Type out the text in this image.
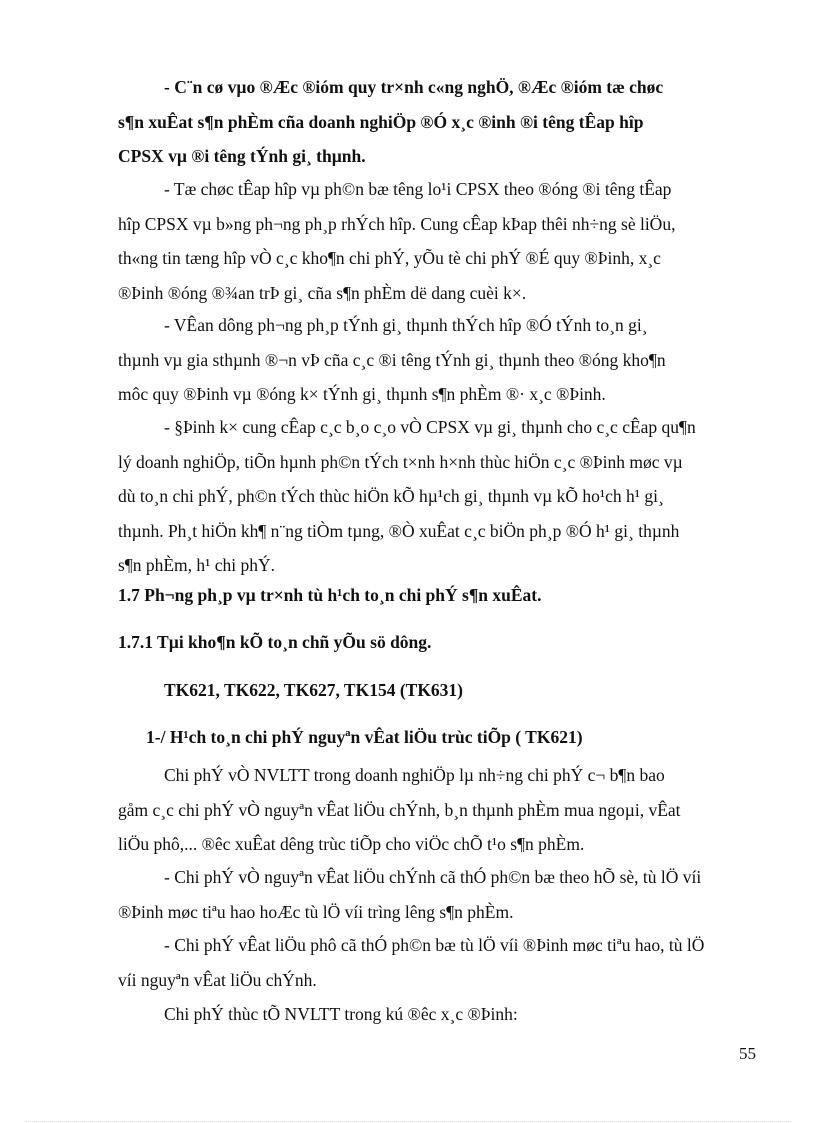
- C¨n cø vµo ®Æc ®ióm quy tr×nh c«ng nghÖ, ®Æc ®ióm tæ chøc
s¶n xuÊat s¶n phÈm cña doanh nghiÖp ®Ó x¸c ®inh ®i têng tÊap hîp
CPSX vµ ®i têng tÝnh gi¸ thµnh.

- Tæ chøc tÊap hîp vµ ph©n bæ têng lo¹i CPSX theo ®óng ®i têng tÊap
hîp CPSX vµ b»ng ph¬ng ph¸p rhÝch hîp. Cung cÊap kÞap thêi nh÷ng sè liÖu,
th«ng tin tæng hîp vÒ c¸c kho¶n chi phÝ, yÕu tè chi phÝ ®É quy ®Þinh, x¸c
®Þinh ®óng ®¾an trÞ gi¸ cña s¶n phÈm dë dang cuèi k×.

- VÊan dông ph¬ng ph¸p tÝnh gi¸ thµnh thÝch hîp ®Ó tÝnh to¸n gi¸
thµnh vµ gia sthµnh ®¬n vÞ cña c¸c ®i têng tÝnh gi¸ thµnh theo ®óng kho¶n
môc quy ®Þinh vµ ®óng k× tÝnh gi¸ thµnh s¶n phÈm ®· x¸c ®Þinh.

- §Þinh k× cung cÊap c¸c b¸o c¸o vÒ CPSX vµ gi¸ thµnh cho c¸c cÊap qu¶n
lý doanh nghiÖp, tiÕn hµnh ph©n tÝch t×nh h×nh thùc hiÖn c¸c ®Þinh møc vµ
dù to¸n chi phÝ, ph©n tÝch thùc hiÖn kÕ hµ¹ch gi¸ thµnh vµ kÕ ho¹ch h¹ gi¸
thµnh. Ph¸t hiÖn kh¶ n¨ng tiÒm tµng, ®Ò xuÊat c¸c biÖn ph¸p ®Ó h¹ gi¸ thµnh
s¶n phÈm, h¹ chi phÝ.

1.7 Ph¬ng ph¸p vµ tr×nh tù h¹ch to¸n chi phÝ s¶n xuÊat.

1.7.1 Tµi kho¶n kÕ to¸n chñ yÕu sö dông.

TK621, TK622, TK627, TK154 (TK631)

1-/ H¹ch to¸n chi phÝ nguyªn vÊat liÖu trùc tiÕp ( TK621)

Chi phÝ vÒ NVLTT trong doanh nghiÖp lµ nh÷ng chi phÝ c¬ b¶n bao
gåm c¸c chi phÝ vÒ nguyªn vÊat liÖu chÝnh, b¸n thµnh phÈm mua ngoµi, vÊat
liÖu phô,... ®êc xuÊat dêng trùc tiÕp cho viÖc chÕ t¹o s¶n phÈm.

- Chi phÝ vÒ nguyªn vÊat liÖu chÝnh cã thÓ ph©n bæ theo hÕ sè, tù lÖ víi
®Þinh møc tiªu hao hoÆc tù lÖ víi trìng lêng s¶n phÈm.

- Chi phÝ vÊat liÖu phô cã thÓ ph©n bæ tù lÖ víi ®Þinh møc tiªu hao, tù lÖ
víi nguyªn vÊat liÖu chÝnh.

Chi phÝ thùc tÕ NVLTT trong kú ®êc x¸c ®Þinh:

55
